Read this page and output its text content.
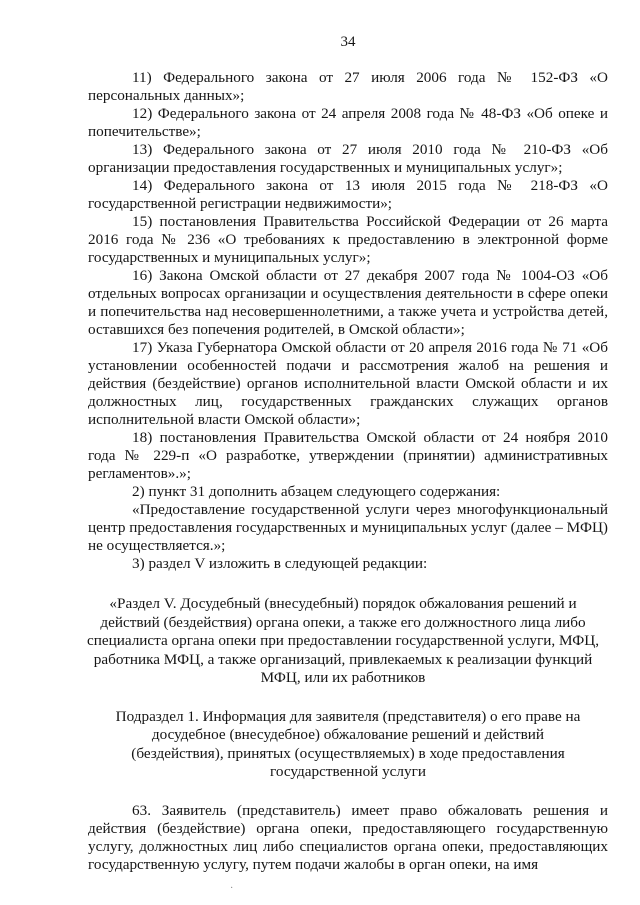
34

11) Федерального закона от 27 июля 2006 года № 152-ФЗ «О персональных данных»;

12) Федерального закона от 24 апреля 2008 года № 48-ФЗ «Об опеке и попечительстве»;

13) Федерального закона от 27 июля 2010 года № 210-ФЗ «Об организации предоставления государственных и муниципальных услуг»;

14) Федерального закона от 13 июля 2015 года № 218-ФЗ «О государственной регистрации недвижимости»;

15) постановления Правительства Российской Федерации от 26 марта 2016 года № 236 «О требованиях к предоставлению в электронной форме государственных и муниципальных услуг»;

16) Закона Омской области от 27 декабря 2007 года № 1004-ОЗ «Об отдельных вопросах организации и осуществления деятельности в сфере опеки и попечительства над несовершеннолетними, а также учета и устройства детей, оставшихся без попечения родителей, в Омской области»;

17) Указа Губернатора Омской области от 20 апреля 2016 года № 71 «Об установлении особенностей подачи и рассмотрения жалоб на решения и действия (бездействие) органов исполнительной власти Омской области и их должностных лиц, государственных гражданских служащих органов исполнительной власти Омской области»;

18) постановления Правительства Омской области от 24 ноября 2010 года № 229-п «О разработке, утверждении (принятии) административных регламентов».»;

2) пункт 31 дополнить абзацем следующего содержания:

«Предоставление государственной услуги через многофункциональный центр предоставления государственных и муниципальных услуг (далее – МФЦ) не осуществляется.»;

3) раздел V изложить в следующей редакции:

«Раздел V. Досудебный (внесудебный) порядок обжалования решений и действий (бездействия) органа опеки, а также его должностного лица либо специалиста органа опеки при предоставлении государственной услуги, МФЦ, работника МФЦ, а также организаций, привлекаемых к реализации функций МФЦ, или их работников

Подраздел 1. Информация для заявителя (представителя) о его праве на досудебное (внесудебное) обжалование решений и действий (бездействия), принятых (осуществляемых) в ходе предоставления государственной услуги

63. Заявитель (представитель) имеет право обжаловать решения и действия (бездействие) органа опеки, предоставляющего государственную услугу, должностных лиц либо специалистов органа опеки, предоставляющих государственную услугу, путем подачи жалобы в орган опеки, на имя

·
